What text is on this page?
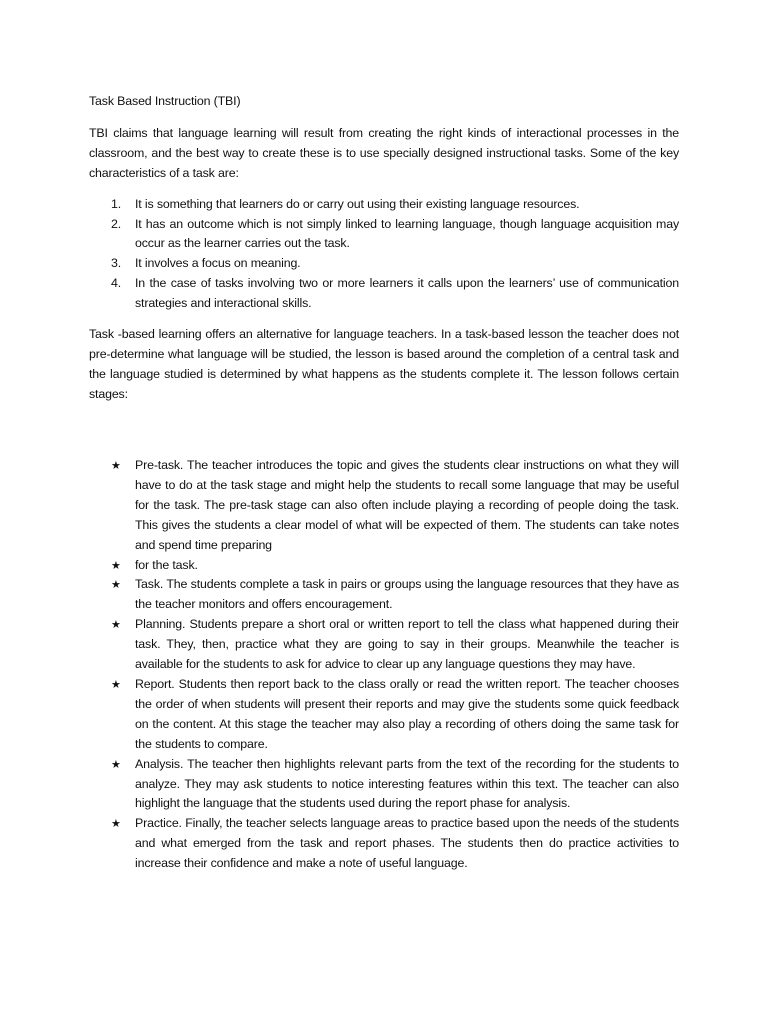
Task Based Instruction (TBI)

TBI claims that language learning will result from creating the right kinds of interactional processes in the classroom, and the best way to create these is to use specially designed instructional tasks. Some of the key characteristics of a task are:

1. It is something that learners do or carry out using their existing language resources.
2. It has an outcome which is not simply linked to learning language, though language acquisition may occur as the learner carries out the task.
3. It involves a focus on meaning.
4. In the case of tasks involving two or more learners it calls upon the learners’ use of communication strategies and interactional skills.

Task -based learning offers an alternative for language teachers. In a task-based lesson the teacher does not pre-determine what language will be studied, the lesson is based around the completion of a central task and the language studied is determined by what happens as the students complete it. The lesson follows certain stages:

★ Pre-task. The teacher introduces the topic and gives the students clear instructions on what they will have to do at the task stage and might help the students to recall some language that may be useful for the task. The pre-task stage can also often include playing a recording of people doing the task. This gives the students a clear model of what will be expected of them. The students can take notes and spend time preparing
★ for the task.
★ Task. The students complete a task in pairs or groups using the language resources that they have as the teacher monitors and offers encouragement.
★ Planning. Students prepare a short oral or written report to tell the class what happened during their task. They, then, practice what they are going to say in their groups. Meanwhile the teacher is available for the students to ask for advice to clear up any language questions they may have.
★ Report. Students then report back to the class orally or read the written report. The teacher chooses the order of when students will present their reports and may give the students some quick feedback on the content. At this stage the teacher may also play a recording of others doing the same task for the students to compare.
★ Analysis. The teacher then highlights relevant parts from the text of the recording for the students to analyze. They may ask students to notice interesting features within this text. The teacher can also highlight the language that the students used during the report phase for analysis.
★ Practice. Finally, the teacher selects language areas to practice based upon the needs of the students and what emerged from the task and report phases. The students then do practice activities to increase their confidence and make a note of useful language.
